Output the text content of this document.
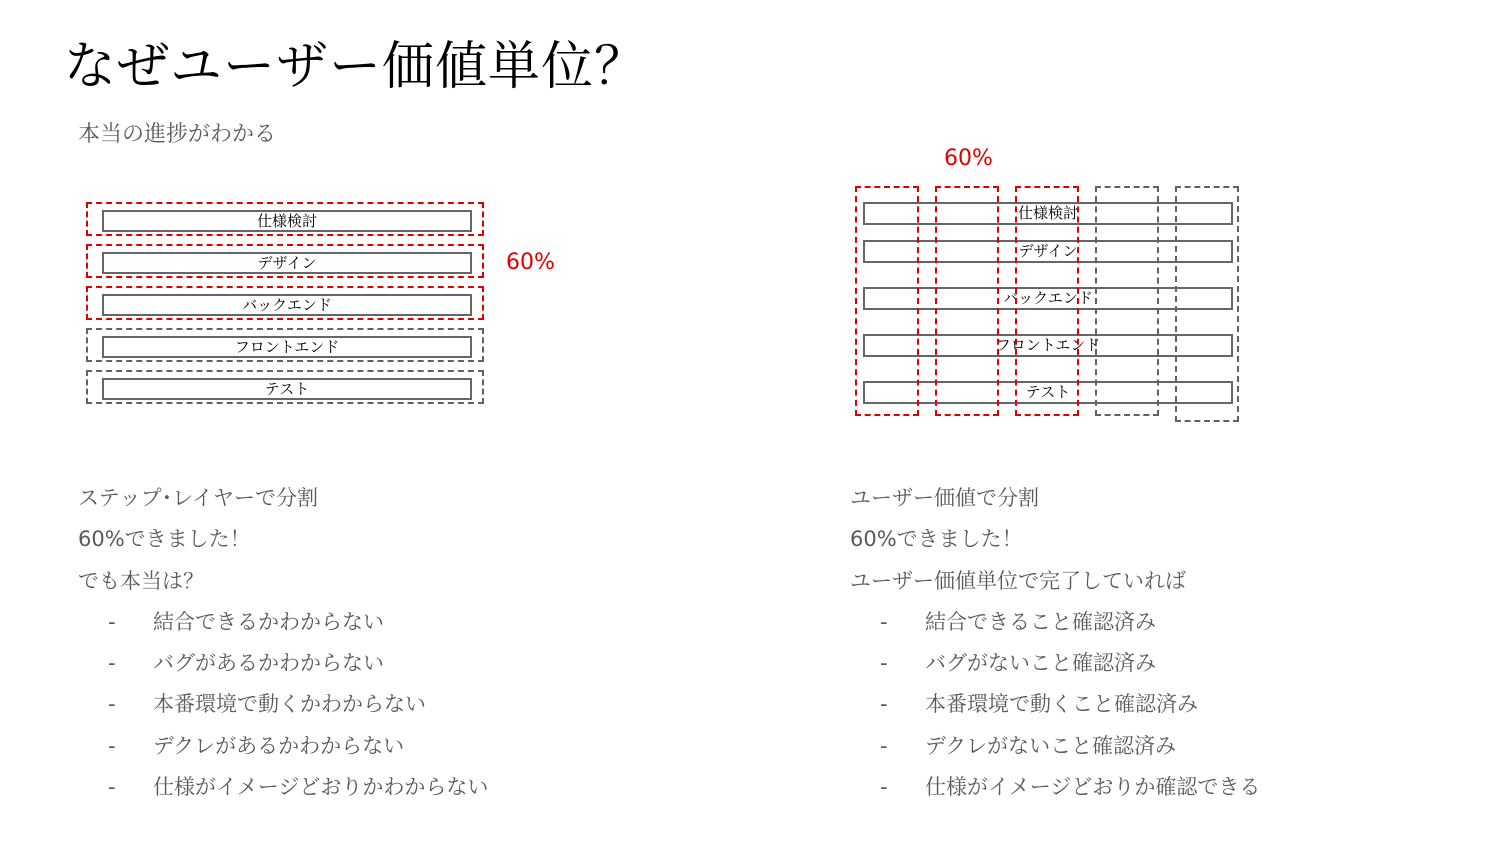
なぜユーザー価値単位？
本当の進捗がわかる
仕様検討
デザイン
バックエンド
フロントエンド
テスト
60%
60%
仕様検討
デザイン
バックエンド
フロントエンド
テスト
ステップ･レイヤーで分割
60%できました！
でも本当は？
- 結合できるかわからない
- バグがあるかわからない
- 本番環境で動くかわからない
- デクレがあるかわからない
- 仕様がイメージどおりかわからない
ユーザー価値で分割
60%できました！
ユーザー価値単位で完了していれば
- 結合できること確認済み
- バグがないこと確認済み
- 本番環境で動くこと確認済み
- デクレがないこと確認済み
- 仕様がイメージどおりか確認できる
